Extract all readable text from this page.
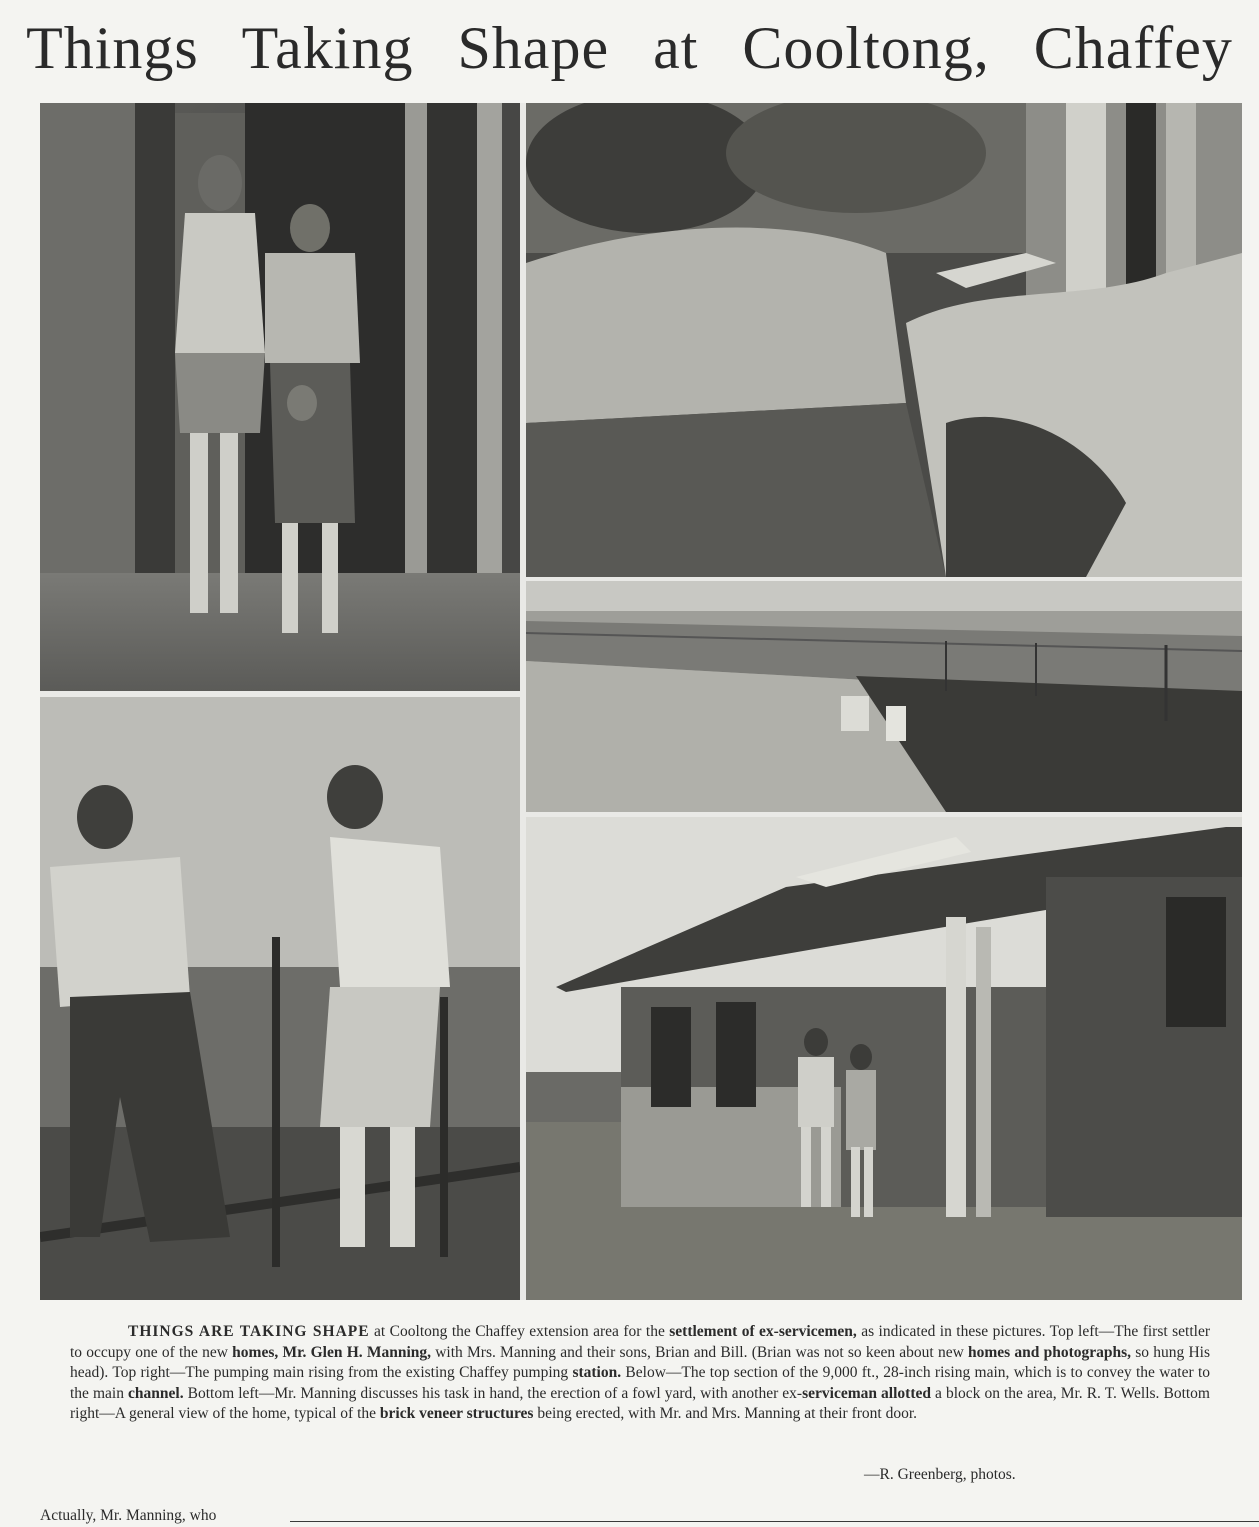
Things Taking Shape at Cooltong, Chaffey

THINGS ARE TAKING SHAPE at Cooltong the Chaffey extension area for the settlement of ex-servicemen, as indicated in these pictures. Top left—The first settler to occupy one of the new homes, Mr. Glen H. Manning, with Mrs. Manning and their sons, Brian and Bill. (Brian was not so keen about new homes and photographs, so hung His head). Top right—The pumping main rising from the existing Chaffey pumping station. Below—The top section of the 9,000 ft., 28-inch rising main, which is to convey the water to the main channel. Bottom left—Mr. Manning discusses his task in hand, the erection of a fowl yard, with another ex-serviceman allotted a block on the area, Mr. R. T. Wells. Bottom right—A general view of the home, typical of the brick veneer structures being erected, with Mr. and Mrs. Manning at their front door.

—R. Greenberg, photos.
Actually, Mr. Manning, who
